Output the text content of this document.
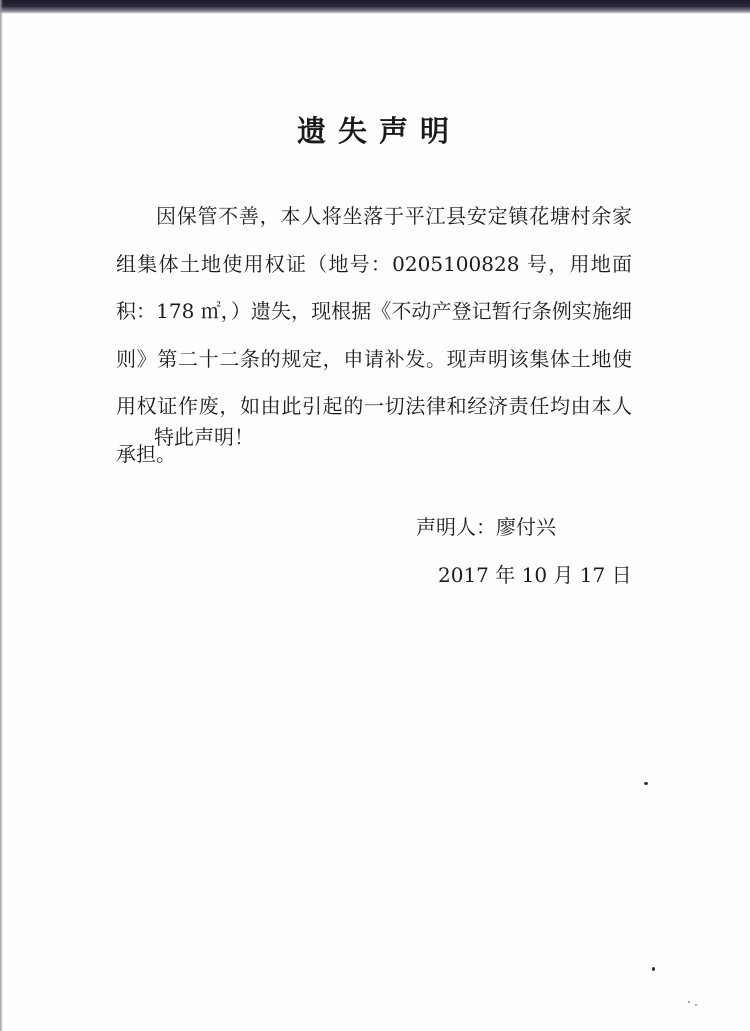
遗失声明

因保管不善，本人将坐落于平江县安定镇花塘村余家组集体土地使用权证（地号：0205100828 号，用地面积：178 ㎡，）遗失，现根据《不动产登记暂行条例实施细则》第二十二条的规定，申请补发。现声明该集体土地使用权证作废，如由此引起的一切法律和经济责任均由本人承担。

特此声明！
声明人：廖付兴
2017 年 10 月 17 日
